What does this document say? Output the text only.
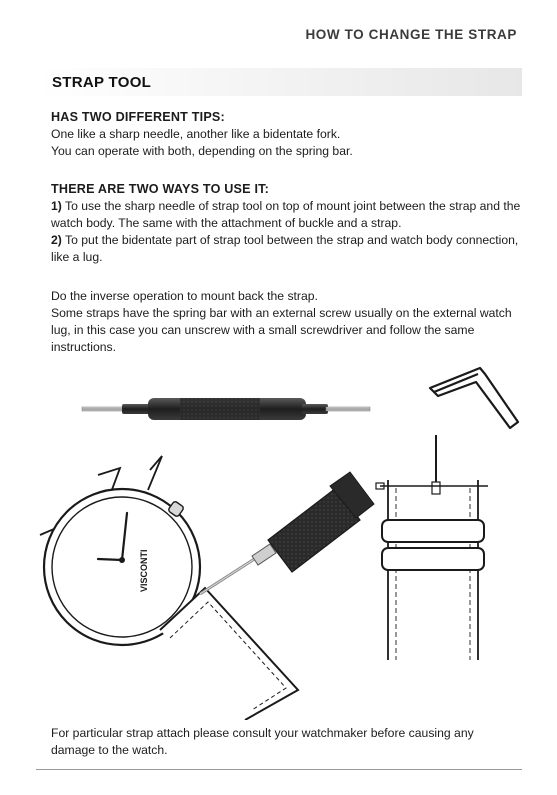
HOW TO CHANGE THE STRAP
STRAP TOOL

HAS TWO DIFFERENT TIPS:

One like a sharp needle, another like a bidentate fork.

You can operate with both, depending on the spring bar.

THERE ARE TWO WAYS TO USE IT:

1) To use the sharp needle of strap tool on top of mount joint between the strap and the watch body. The same with the attachment of buckle and a strap.

2) To put the bidentate part of strap tool between the strap and watch body connection, like a lug.

Do the inverse operation to mount back the strap.

Some straps have the spring bar with an external screw usually on the external watch lug, in this case you can unscrew with a small screwdriver and follow the same instructions.

VISCONTI
For particular strap attach please consult your watchmaker before causing any damage to the watch.
